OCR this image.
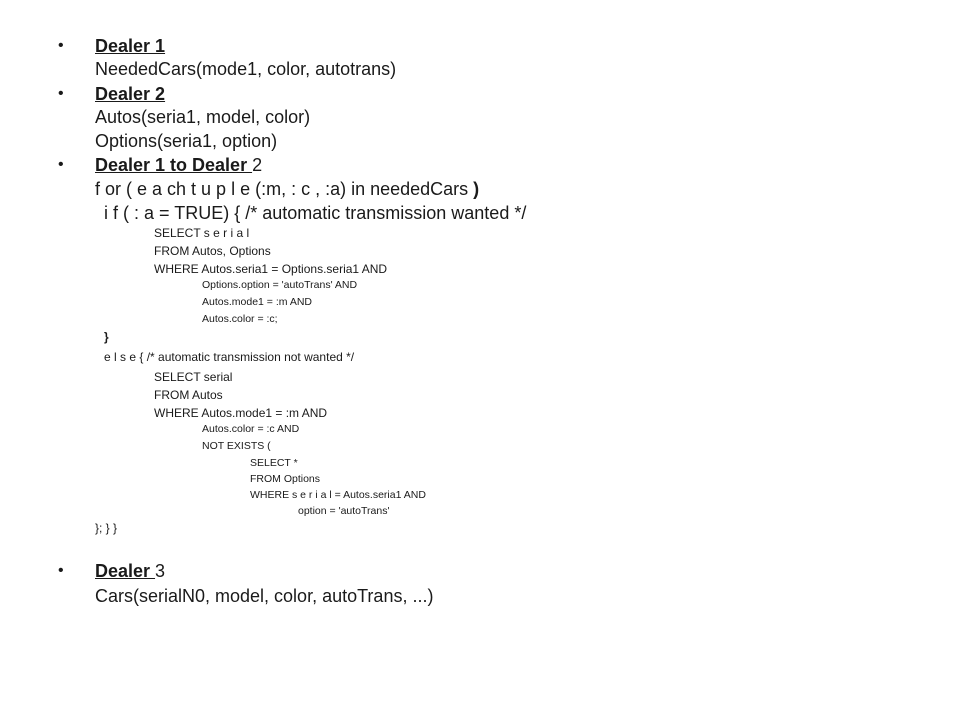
• Dealer 1
NeededCars(mode1, color, autotrans)
• Dealer 2
Autos(seria1, model, color)
Options(seria1, option)
• Dealer 1 to Dealer 2
f or ( e a ch t u p l e (:m, : c , :a) in neededCars )
i f ( : a = TRUE) { /* automatic transmission wanted */
SELECT s e r i a l
FROM Autos, Options
WHERE Autos.seria1 = Options.seria1 AND
Options.option = 'autoTrans' AND
Autos.mode1 = :m AND
Autos.color = :c;
}
e l s e { /* automatic transmission not wanted */
SELECT serial
FROM Autos
WHERE Autos.mode1 = :m AND
Autos.color = :c AND
NOT EXISTS (
SELECT *
FROM Options
WHERE s e r i a l = Autos.seria1 AND
option = 'autoTrans'
}; } }
• Dealer 3
Cars(serialN0, model, color, autoTrans, ...)
